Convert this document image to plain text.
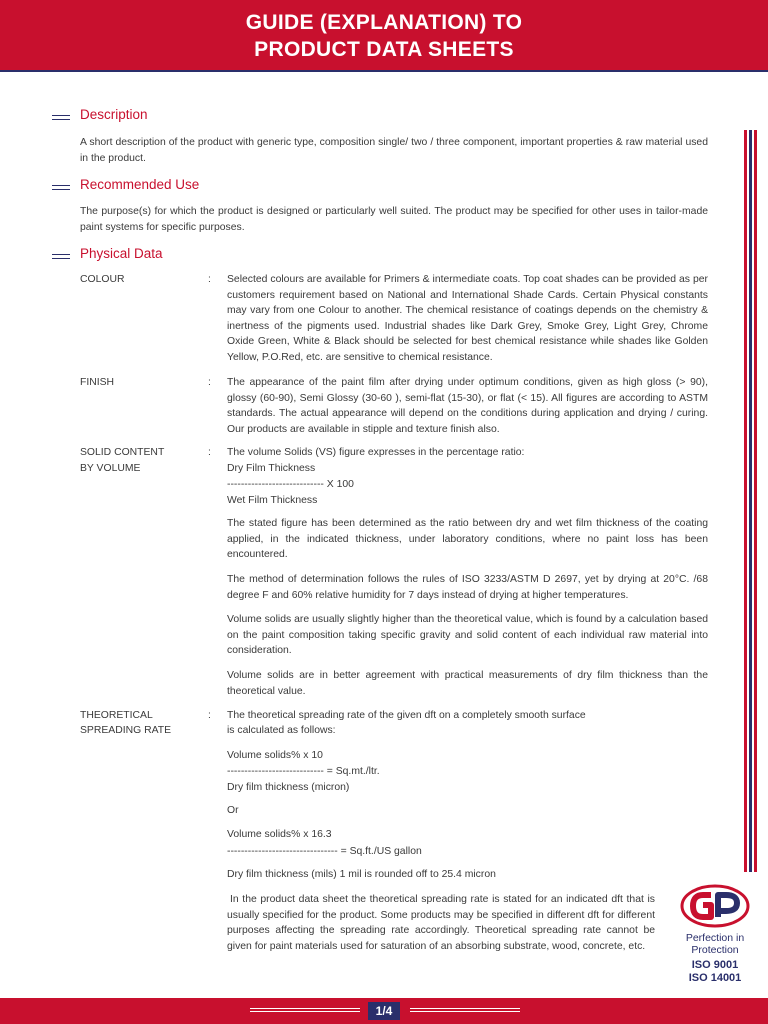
GUIDE (EXPLANATION) TO
PRODUCT DATA SHEETS
Description
A short description of the product with generic type, composition single/ two / three component, important properties & raw material used in the product.
Recommended Use
The purpose(s) for which the product is designed or particularly well suited. The product may be specified for other uses in tailor-made paint systems for specific purposes.
Physical Data
COLOUR	: Selected colours are available for Primers & intermediate coats. Top coat shades can be provided as per customers requirement based on National and International Shade Cards. Certain Physical constants may vary from one Colour to another. The chemical resistance of coatings depends on the chemistry & inertness of the pigments used. Industrial shades like Dark Grey, Smoke Grey, Light Grey, Chrome Oxide Green, White & Black should be selected for best chemical resistance while shades like Golden Yellow, P.O.Red, etc. are sensitive to chemical resistance.
FINISH	: The appearance of the paint film after drying under optimum conditions, given as high gloss (> 90), glossy (60-90), Semi Glossy (30-60 ), semi-flat (15-30), or flat (< 15). All figures are according to ASTM standards. The actual appearance will depend on the conditions during application and drying / curing. Our products are available in stipple and texture finish also.
SOLID CONTENT
BY VOLUME
: The volume Solids (VS) figure expresses in the percentage ratio:
Dry Film Thickness
---------------------------- X 100
Wet Film Thickness
The stated figure has been determined as the ratio between dry and wet film thickness of the coating applied, in the indicated thickness, under laboratory conditions, where no paint loss has been encountered.
The method of determination follows the rules of ISO 3233/ASTM D 2697, yet by drying at 20°C. /68 degree F and 60% relative humidity for 7 days instead of drying at higher temperatures.
Volume solids are usually slightly higher than the theoretical value, which is found by a calculation based on the paint composition taking specific gravity and solid content of each individual raw material into consideration.
Volume solids are in better agreement with practical measurements of dry film thickness than the theoretical value.
THEORETICAL
SPREADING RATE
: The theoretical spreading rate of the given dft on a completely smooth surface
is calculated as follows:
Volume solids% x 10
---------------------------- = Sq.mt./ltr.
Dry film thickness (micron)
Or
Volume solids% x 16.3
-------------------------------- = Sq.ft./US gallon
Dry film thickness (mils) 1 mil is rounded off to 25.4 micron
In the product data sheet the theoretical spreading rate is stated for an indicated dft that is usually specified for the product. Some products may be specified in different dft for different purposes affecting the spreading rate accordingly. Theoretical spreading rate cannot be given for paint materials used for saturation of an absorbing substrate, wood, concrete, etc.
Perfection in
Protection
ISO 9001
ISO 14001
1/4
